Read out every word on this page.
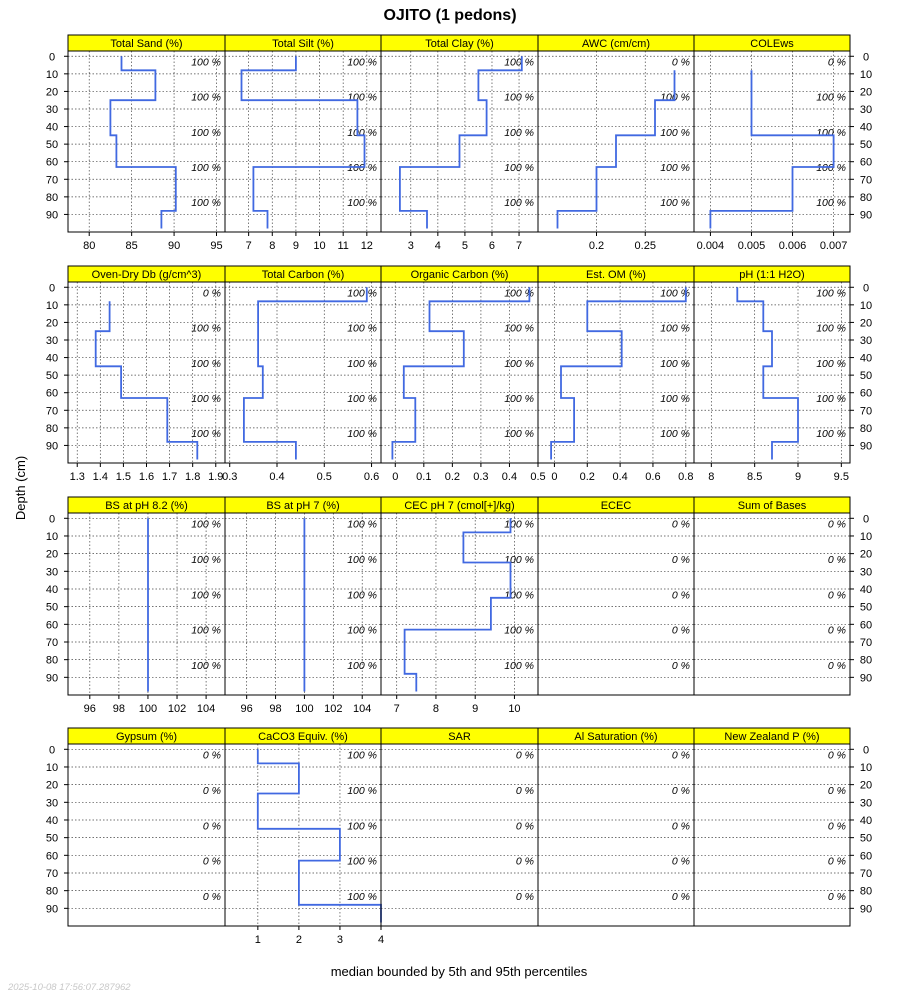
OJITO (1 pedons)
Depth (cm)
median bounded by 5th and 95th percentiles
2025-10-08 17:56:07.287962
Total Sand (%)
80	85	90	95
100 %
100 %
100 %
100 %
100 %
0
10
20
30
40
50
60
70
80
90
Total Silt (%)
7 8 9 10 11 12
100 %
100 %
100 %
100 %
100 %
Total Clay (%)
3 4 5 6 7
100 %
100 %
100 %
100 %
100 %
AWC (cm/cm)
0.2	0.25
0 %
100 %
100 %
100 %
100 %
COLEws
0.004 0.005 0.006 0.007
0 %
100 %
100 %
100 %
100 %
0
10
20
30
40
50
60
70
80
90
Oven-Dry Db (g/cm^3)
1.3 1.4 1.5 1.6 1.7 1.8 1.9
0 %
100 %
100 %
100 %
100 %
0
10
20
30
40
50
60
70
80
90
Total Carbon (%)
0.3	0.4	0.5	0.6
100 %
100 %
100 %
100 %
100 %
Organic Carbon (%)
0 0.1 0.2 0.3 0.4 0.5
100 %
100 %
100 %
100 %
100 %
Est. OM (%)
0 0.2 0.4 0.6 0.8
100 %
100 %
100 %
100 %
100 %
pH (1:1 H2O)
8	8.5	9	9.5
100 %
100 %
100 %
100 %
100 %
0
10
20
30
40
50
60
70
80
90
BS at pH 8.2 (%)
96 98 100 102 104
100 %
100 %
100 %
100 %
100 %
0
10
20
30
40
50
60
70
80
90
BS at pH 7 (%)
96 98 100 102 104
100 %
100 %
100 %
100 %
100 %
CEC pH 7 (cmol[+]/kg)
7	8	9	10
100 %
100 %
100 %
100 %
100 %
ECEC
0 %
0 %
0 %
0 %
0 %
Sum of Bases
0 %
0 %
0 %
0 %
0 %
0
10
20
30
40
50
60
70
80
90
Gypsum (%)
0 %
0 %
0 %
0 %
0 %
0
10
20
30
40
50
60
70
80
90
CaCO3 Equiv. (%)
1	2	3	4
100 %
100 %
100 %
100 %
100 %
SAR
0 %
0 %
0 %
0 %
0 %
Al Saturation (%)
0 %
0 %
0 %
0 %
0 %
New Zealand P (%)
0 %
0 %
0 %
0 %
0 %
0
10
20
30
40
50
60
70
80
90
